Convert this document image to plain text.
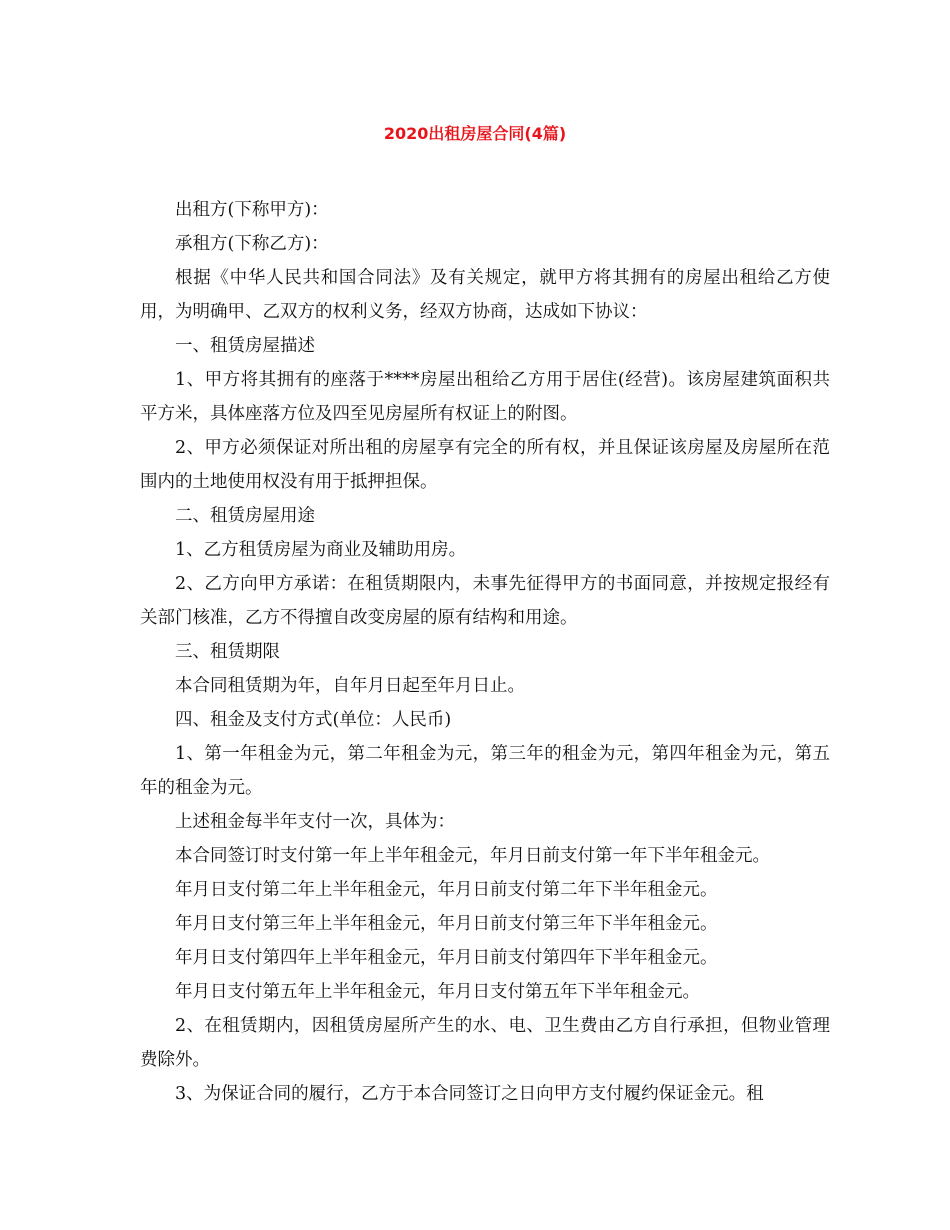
2020出租房屋合同(4篇)

出租方(下称甲方)：

承租方(下称乙方)：

根据《中华人民共和国合同法》及有关规定，就甲方将其拥有的房屋出租给乙方使用，为明确甲、乙双方的权利义务，经双方协商，达成如下协议：

一、租赁房屋描述

1、甲方将其拥有的座落于****房屋出租给乙方用于居住(经营)。该房屋建筑面积共 平方米，具体座落方位及四至见房屋所有权证上的附图。

2、甲方必须保证对所出租的房屋享有完全的所有权，并且保证该房屋及房屋所在范围内的土地使用权没有用于抵押担保。

二、租赁房屋用途

1、乙方租赁房屋为商业及辅助用房。

2、乙方向甲方承诺：在租赁期限内，未事先征得甲方的书面同意，并按规定报经有关部门核准，乙方不得擅自改变房屋的原有结构和用途。

三、租赁期限

本合同租赁期为年，自年月日起至年月日止。

四、租金及支付方式(单位：人民币)

1、第一年租金为元，第二年租金为元，第三年的租金为元，第四年租金为元，第五年的租金为元。

上述租金每半年支付一次，具体为：

本合同签订时支付第一年上半年租金元，年月日前支付第一年下半年租金元。

年月日支付第二年上半年租金元，年月日前支付第二年下半年租金元。

年月日支付第三年上半年租金元，年月日前支付第三年下半年租金元。

年月日支付第四年上半年租金元，年月日前支付第四年下半年租金元。

年月日支付第五年上半年租金元，年月日支付第五年下半年租金元。

2、在租赁期内，因租赁房屋所产生的水、电、卫生费由乙方自行承担，但物业管理费除外。

3、为保证合同的履行，乙方于本合同签订之日向甲方支付履约保证金元。租
